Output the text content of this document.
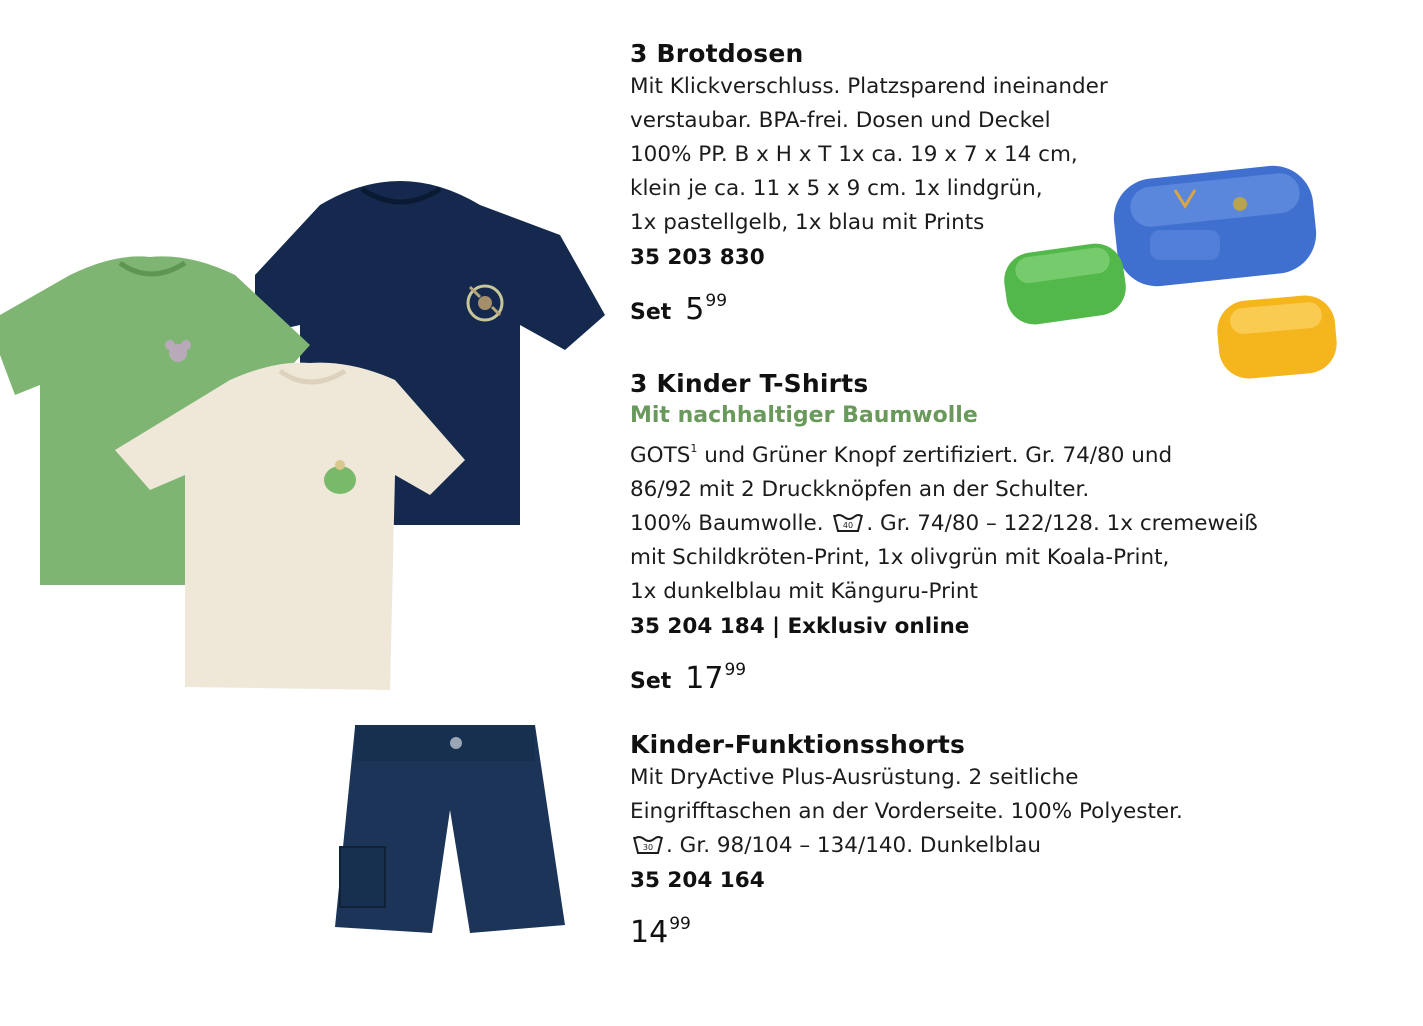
3 Brotdosen

Mit Klickverschluss. Platzsparend ineinander

verstaubar. BPA-frei. Dosen und Deckel

100% PP. B x H x T 1x ca. 19 x 7 x 14 cm,

klein je ca. 11 x 5 x 9 cm. 1x lindgrün,

1x pastellgelb, 1x blau mit Prints

35 203 830
Set $5^{99}$
3 Kinder T-Shirts

Mit nachhaltiger Baumwolle

GOTS$^1$ und Grüner Knopf zertifiziert. Gr. 74/80 und

86/92 mit 2 Druckknöpfen an der Schulter.

100% Baumwolle. 40 . Gr. 74/80 – 122/128. 1x cremeweiß

mit Schildkröten-Print, 1x olivgrün mit Koala-Print,

1x dunkelblau mit Känguru-Print

35 204 184 | Exklusiv online
Set $17^{99}$
Kinder-Funktionsshorts

Mit DryActive Plus-Ausrüstung. 2 seitliche

Eingrifftaschen an der Vorderseite. 100% Polyester.

30 . Gr. 98/104 – 134/140. Dunkelblau

35 204 164
$14^{99}$
